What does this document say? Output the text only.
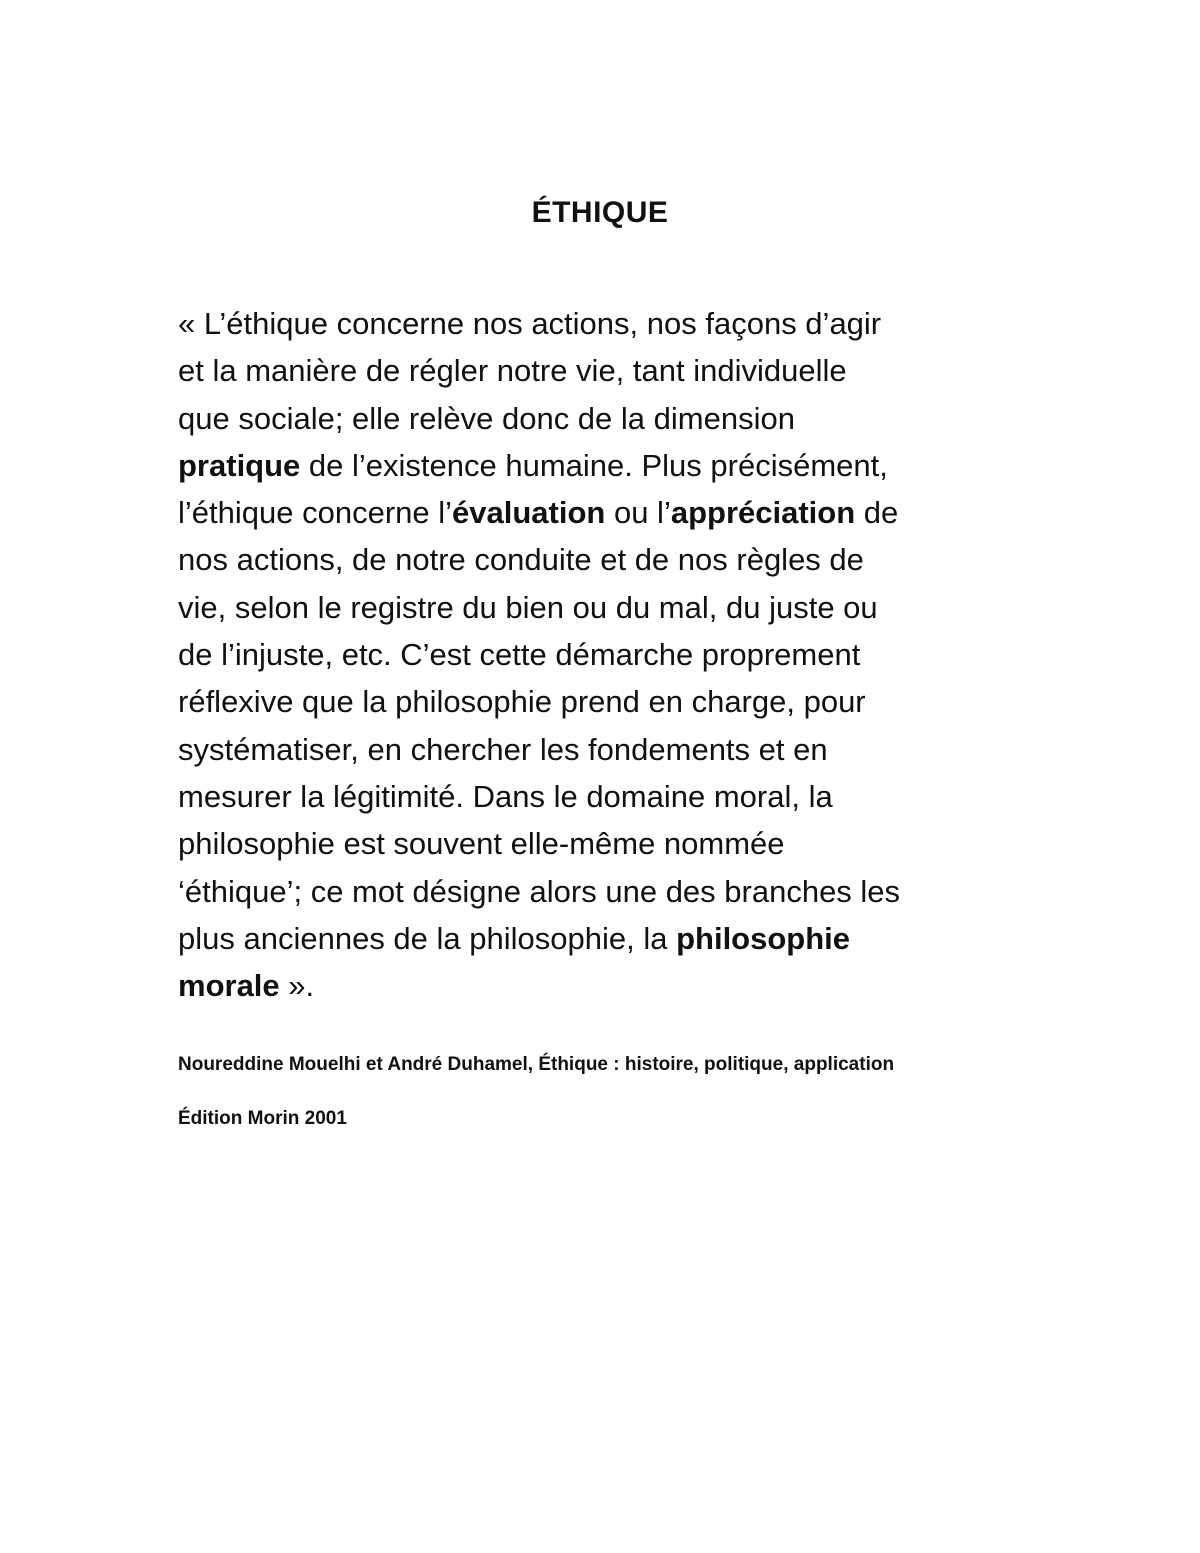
ÉTHIQUE
« L’éthique concerne nos actions, nos façons d’agir
et la manière de régler notre vie, tant individuelle
que sociale; elle relève donc de la dimension
pratique de l’existence humaine. Plus précisément,
l’éthique concerne l’évaluation ou l’appréciation de
nos actions, de notre conduite et de nos règles de
vie, selon le registre du bien ou du mal, du juste ou
de l’injuste, etc. C’est cette démarche proprement
réflexive que la philosophie prend en charge, pour
systématiser, en chercher les fondements et en
mesurer la légitimité. Dans le domaine moral, la
philosophie est souvent elle-même nommée
‘éthique’; ce mot désigne alors une des branches les
plus anciennes de la philosophie, la philosophie
morale ».

Noureddine Mouelhi et André Duhamel, Éthique : histoire, politique, application

Édition Morin 2001
